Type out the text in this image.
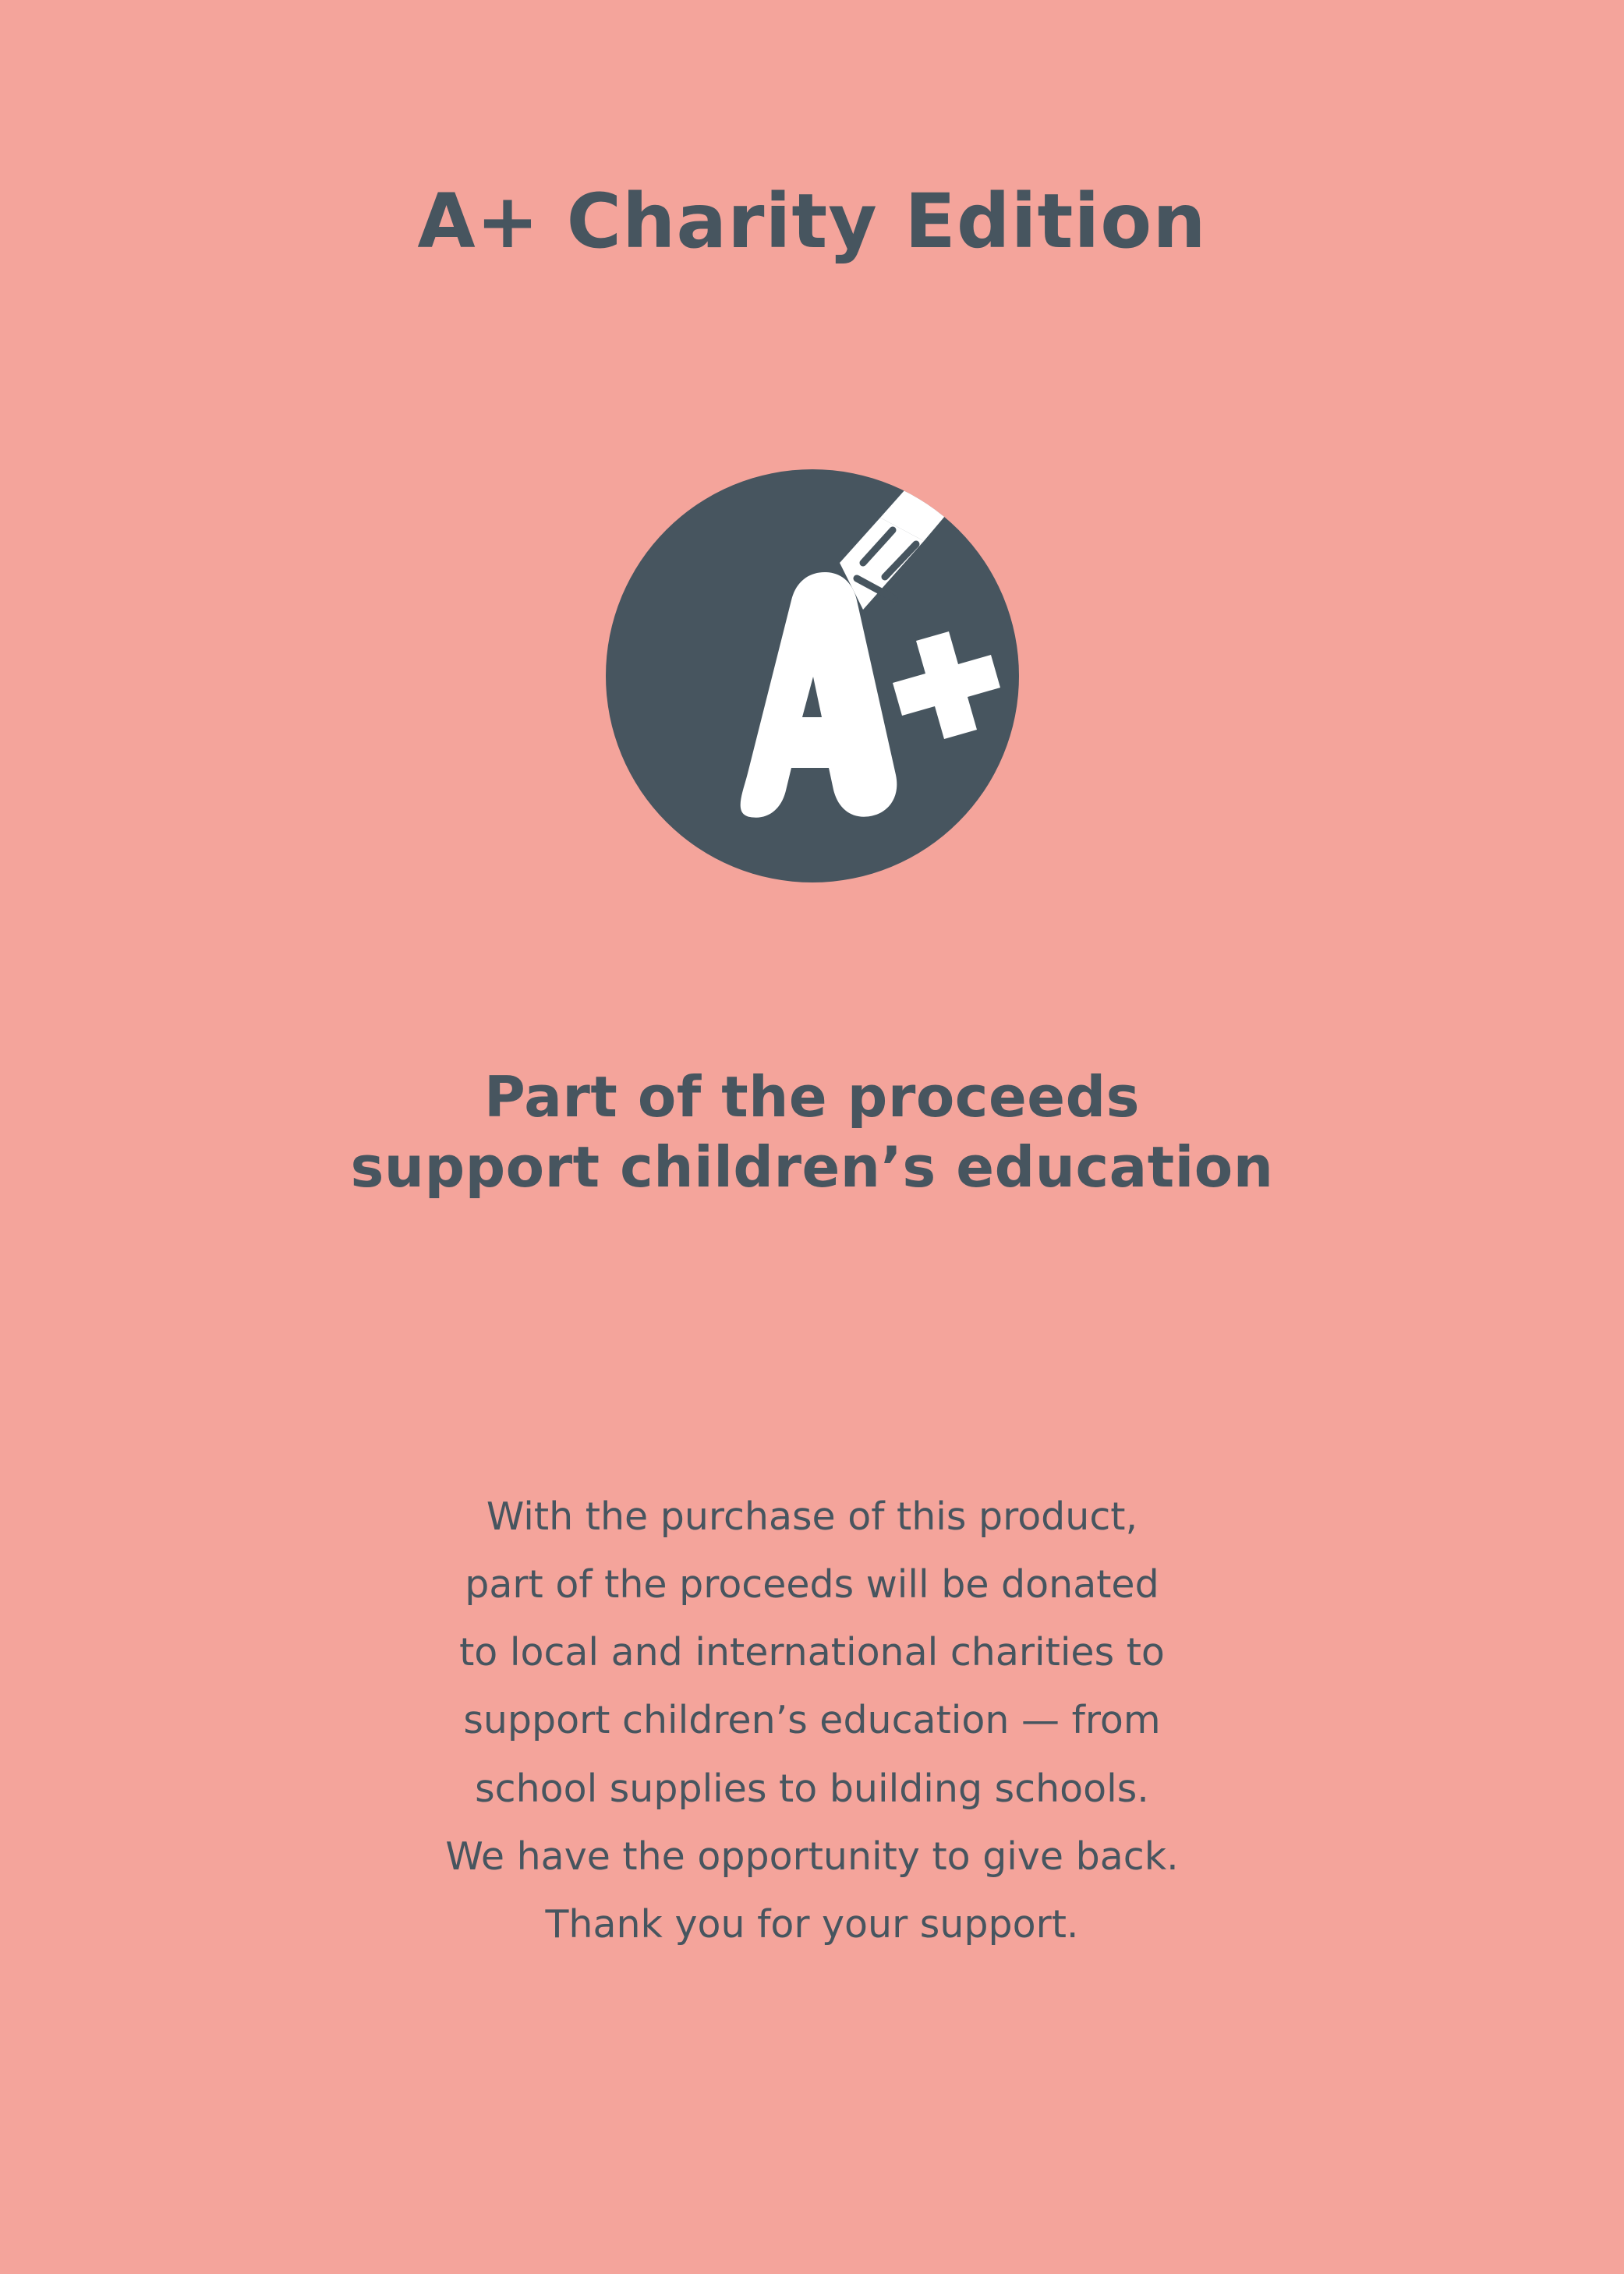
A+ Charity Edition
Part of the proceeds
support children’s education
With the purchase of this product,
part of the proceeds will be donated
to local and international charities to
support children’s education — from
school supplies to building schools.
We have the opportunity to give back.
Thank you for your support.
